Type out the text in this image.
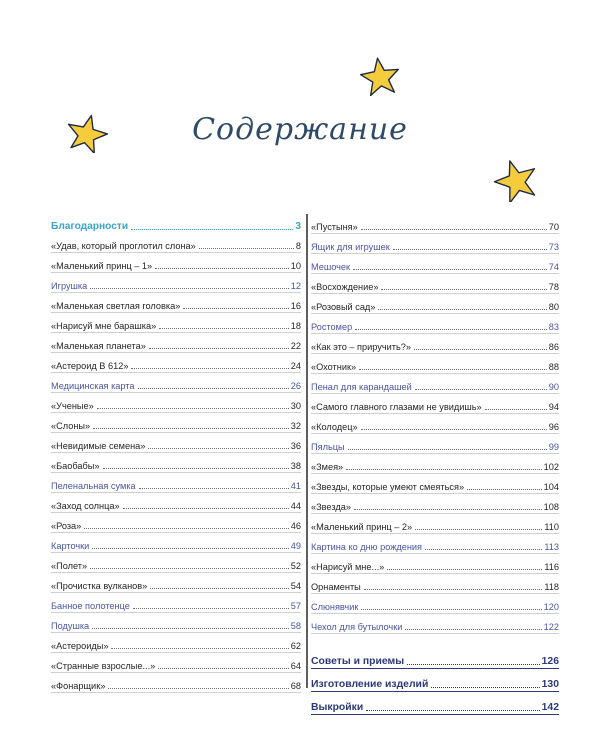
Содержание
Благодарности	3
«Удав, который проглотил слона»	8
«Маленький принц – 1»	10
Игрушка	12
«Маленькая светлая головка»	16
«Нарисуй мне барашка»	18
«Маленькая планета»	22
«Астероид В 612»	24
Медицинская карта	26
«Ученые»	30
«Слоны»	32
«Невидимые семена»	36
«Баобабы»	38
Пеленальная сумка	41
«Заход солнца»	44
«Роза»	46
Карточки	49
«Полет»	52
«Прочистка вулканов»	54
Банное полотенце	57
Подушка	58
«Астероиды»	62
«Странные взрослые...»	64
«Фонарщик»	68
«Пустыня»	70
Ящик для игрушек	73
Мешочек	74
«Восхождение»	78
«Розовый сад»	80
Ростомер	83
«Как это – приручить?»	86
«Охотник»	88
Пенал для карандашей	90
«Самого главного глазами не увидишь»	94
«Колодец»	96
Пяльцы	99
«Змея»	102
«Звезды, которые умеют смеяться»	104
«Звезда»	108
«Маленький принц – 2»	110
Картина ко дню рождения	113
«Нарисуй мне...»	116
Орнаменты	118
Слюнявчик	120
Чехол для бутылочки	122
Советы и приемы	126
Изготовление изделий	130
Выкройки	142
